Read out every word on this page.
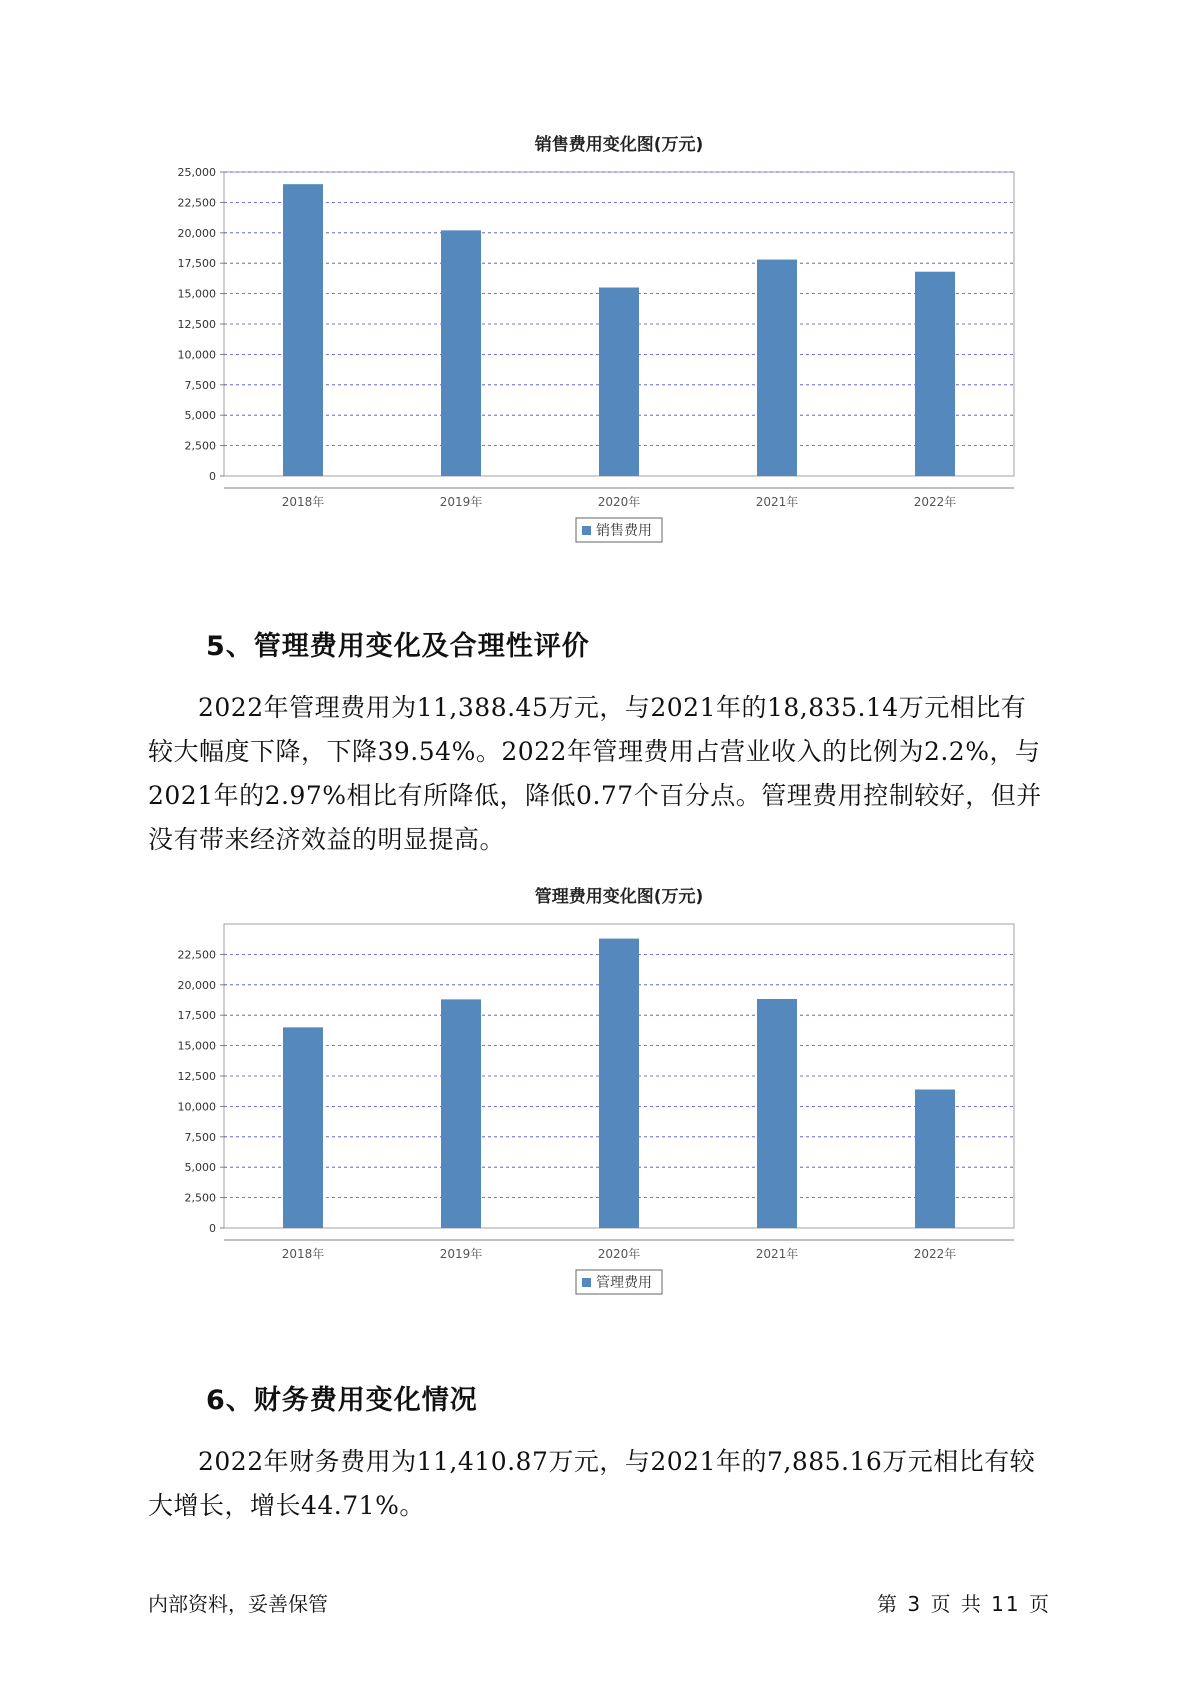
销售费用变化图(万元)
0
2,500
5,000
7,500
10,000
12,500
15,000
17,500
20,000
22,500
25,000
2018年	2019年	2020年	2021年	2022年
销售费用
5、管理费用变化及合理性评价

2022年管理费用为11,388.45万元，与2021年的18,835.14万元相比有较大幅度下降，下降39.54%。2022年管理费用占营业收入的比例为2.2%，与2021年的2.97%相比有所降低，降低0.77个百分点。管理费用控制较好，但并没有带来经济效益的明显提高。

管理费用变化图(万元)
0
2,500
5,000
7,500
10,000
12,500
15,000
17,500
20,000
22,500
2018年	2019年	2020年	2021年	2022年
管理费用
6、财务费用变化情况

2022年财务费用为11,410.87万元，与2021年的7,885.16万元相比有较大增长，增长44.71%。

内部资料，妥善保管	第 3 页 共 11 页
